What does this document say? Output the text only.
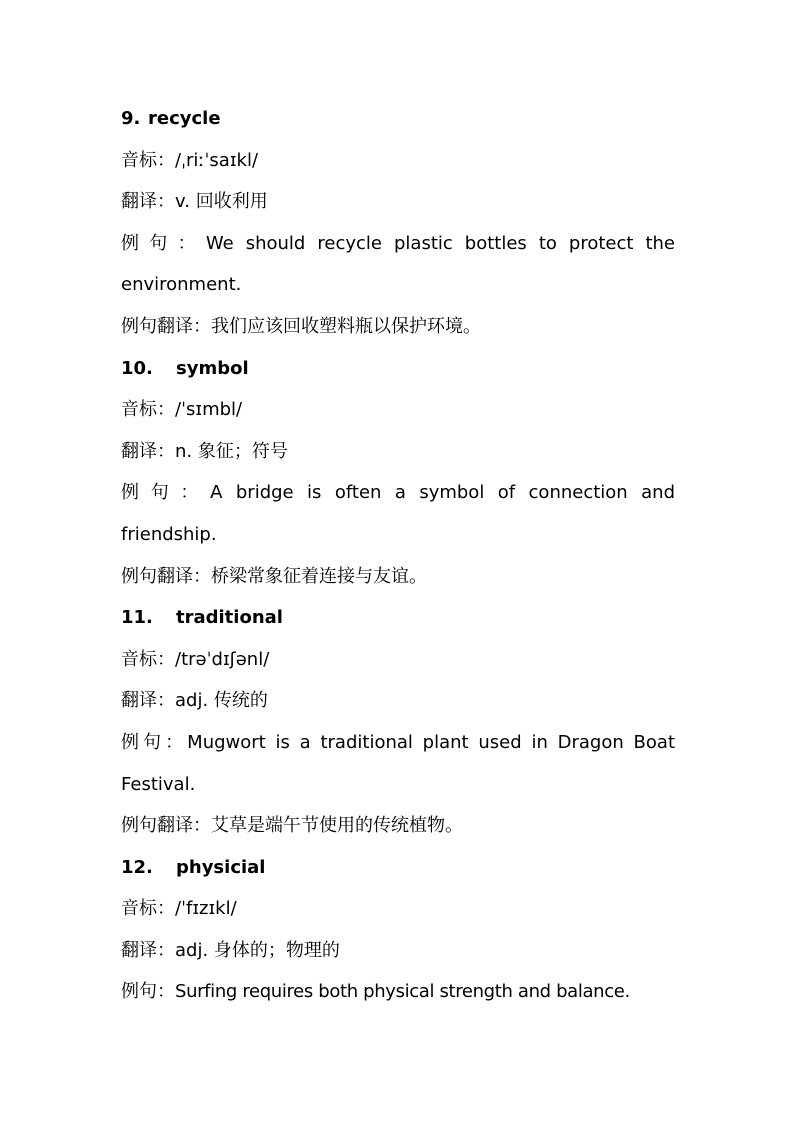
9. recycle
音标：/ˌriːˈsaɪkl/
翻译：v. 回收利用
例句：We should recycle plastic bottles to protect the environment.
例句翻译：我们应该回收塑料瓶以保护环境。
10.	symbol
音标：/ˈsɪmbl/
翻译：n. 象征；符号
例句：A bridge is often a symbol of connection and friendship.
例句翻译：桥梁常象征着连接与友谊。
11.	traditional
音标：/trəˈdɪʃənl/
翻译：adj. 传统的
例句：Mugwort is a traditional plant used in Dragon Boat Festival.
例句翻译：艾草是端午节使用的传统植物。
12.	physicial
音标：/ˈfɪzɪkl/
翻译：adj. 身体的；物理的
例句：Surfing requires both physical strength and balance.
